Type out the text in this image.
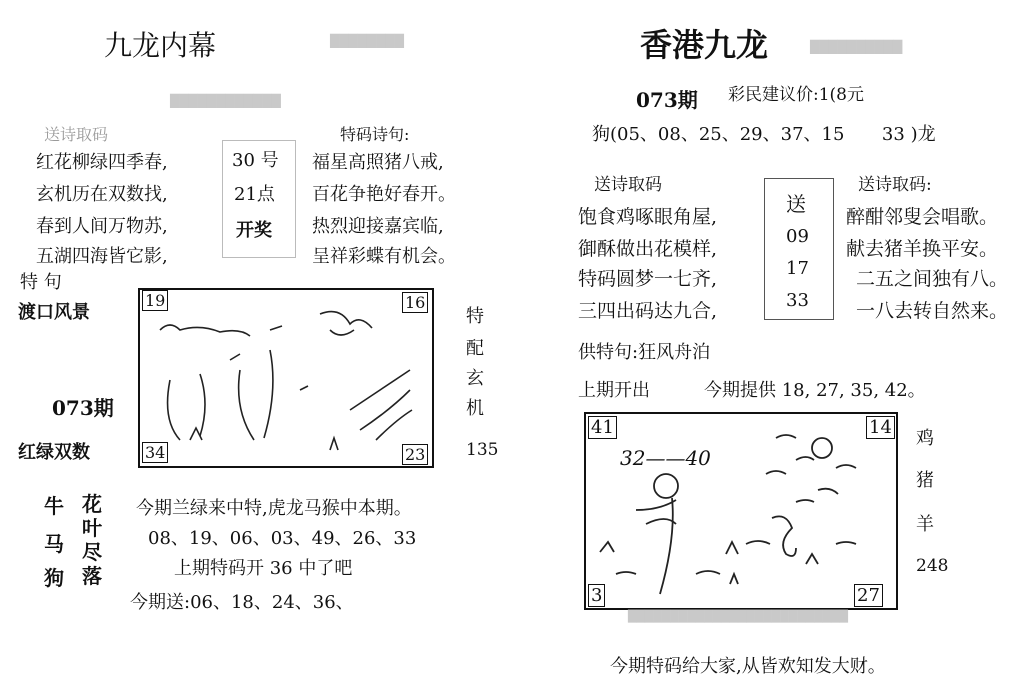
九龙内幕	████████
████████████
送诗取码	特码诗句:
红花柳绿四季春,
玄机历在双数找,
春到人间万物苏,
五湖四海皆它影,
福星高照猪八戒,
百花争艳好春开。
热烈迎接嘉宾临,
呈祥彩蝶有机会。
30 号
21点
开奖
特 句
渡口风景
073期
红绿双数
19	16
34	23
特
配
玄
机
135
牛
马
狗
花
叶
尽
落
今期兰绿来中特,虎龙马猴中本期。
08、19、06、03、49、26、33
上期特码开 36 中了吧
今期送:06、18、24、36、
香港九龙	██████████
073期 彩民建议价:1(8元
狗(05、08、25、29、37、15 33 )龙
送诗取码	送诗取码:
饱食鸡啄眼角屋,
御酥做出花模样,
特码圆梦一七齐,
三四出码达九合,
醉酣邻叟会唱歌。
献去猪羊换平安。
二五之间独有八。
一八去转自然来。
送
09
17
33
供特句:狂风舟泊
上期开出	今期提供 18, 27, 35, 42。
41	14
3	27
32——40
鸡
猪
羊
248
██████████████████████████
今期特码给大家,从皆欢知发大财。
